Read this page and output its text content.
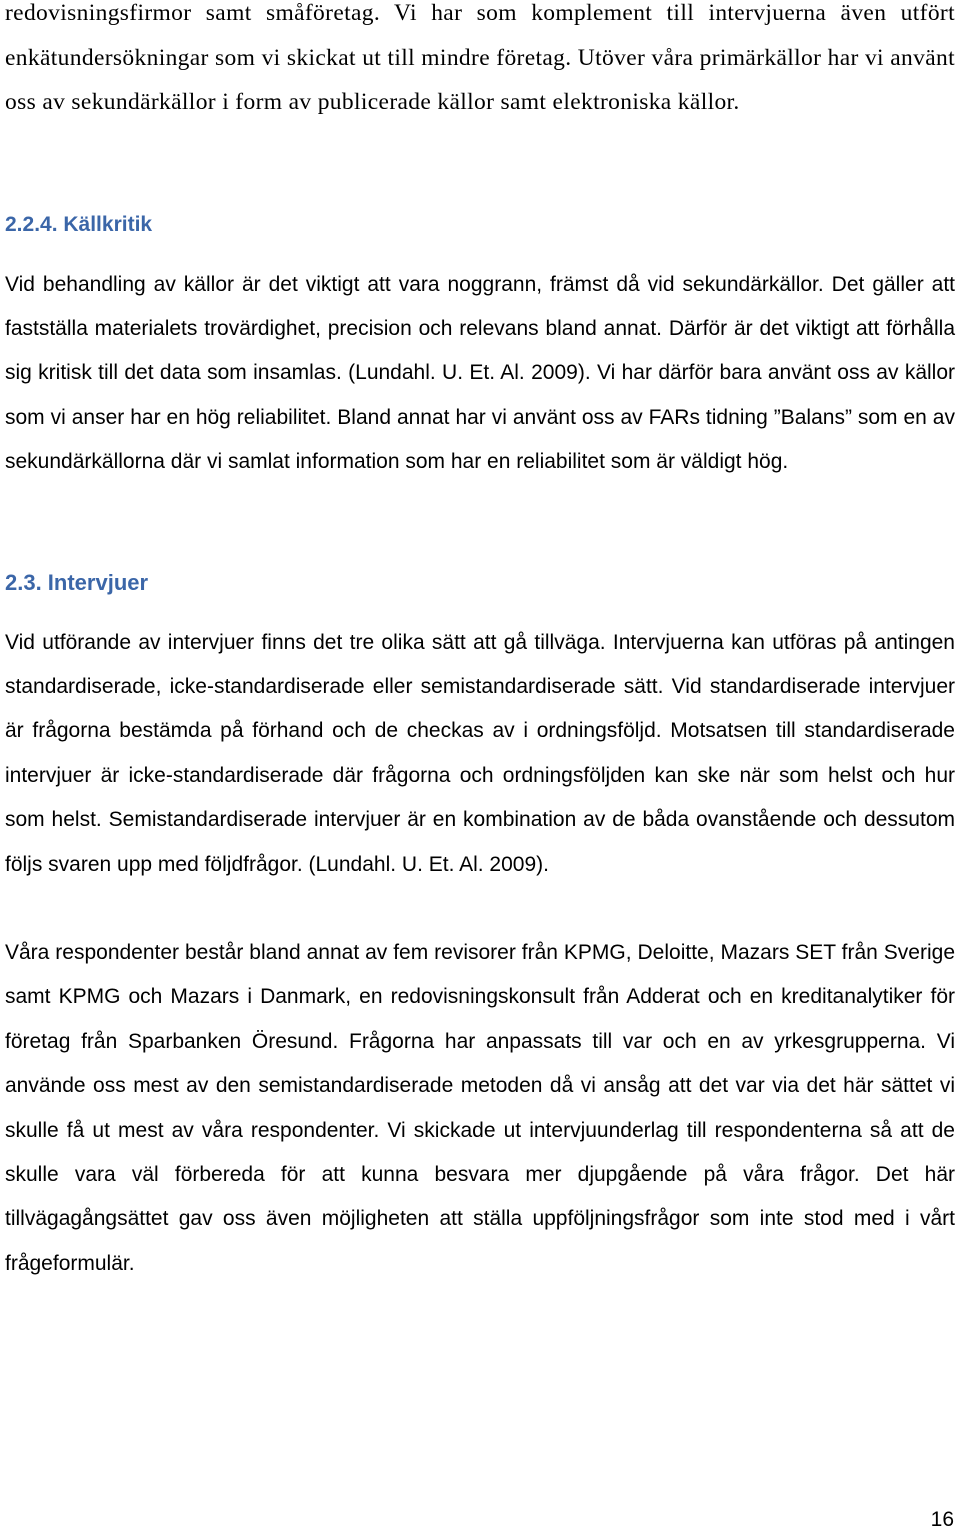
redovisningsfirmor samt småföretag. Vi har som komplement till intervjuerna även utfört enkätundersökningar som vi skickat ut till mindre företag. Utöver våra primärkällor har vi använt oss av sekundärkällor i form av publicerade källor samt elektroniska källor.

2.2.4. Källkritik

Vid behandling av källor är det viktigt att vara noggrann, främst då vid sekundärkällor. Det gäller att fastställa materialets trovärdighet, precision och relevans bland annat. Därför är det viktigt att förhålla sig kritisk till det data som insamlas. (Lundahl. U. Et. Al. 2009). Vi har därför bara använt oss av källor som vi anser har en hög reliabilitet. Bland annat har vi använt oss av FARs tidning ”Balans” som en av sekundärkällorna där vi samlat information som har en reliabilitet som är väldigt hög.

2.3. Intervjuer

Vid utförande av intervjuer finns det tre olika sätt att gå tillväga. Intervjuerna kan utföras på antingen standardiserade, icke-standardiserade eller semistandardiserade sätt. Vid standardiserade intervjuer är frågorna bestämda på förhand och de checkas av i ordningsföljd. Motsatsen till standardiserade intervjuer är icke-standardiserade där frågorna och ordningsföljden kan ske när som helst och hur som helst. Semistandardiserade intervjuer är en kombination av de båda ovanstående och dessutom följs svaren upp med följdfrågor. (Lundahl. U. Et. Al. 2009).

Våra respondenter består bland annat av fem revisorer från KPMG, Deloitte, Mazars SET från Sverige samt KPMG och Mazars i Danmark, en redovisningskonsult från Adderat och en kreditanalytiker för företag från Sparbanken Öresund. Frågorna har anpassats till var och en av yrkesgrupperna. Vi använde oss mest av den semistandardiserade metoden då vi ansåg att det var via det här sättet vi skulle få ut mest av våra respondenter. Vi skickade ut intervjuunderlag till respondenterna så att de skulle vara väl förbereda för att kunna besvara mer djupgående på våra frågor. Det här tillvägagångsättet gav oss även möjligheten att ställa uppföljningsfrågor som inte stod med i vårt frågeformulär.

16
